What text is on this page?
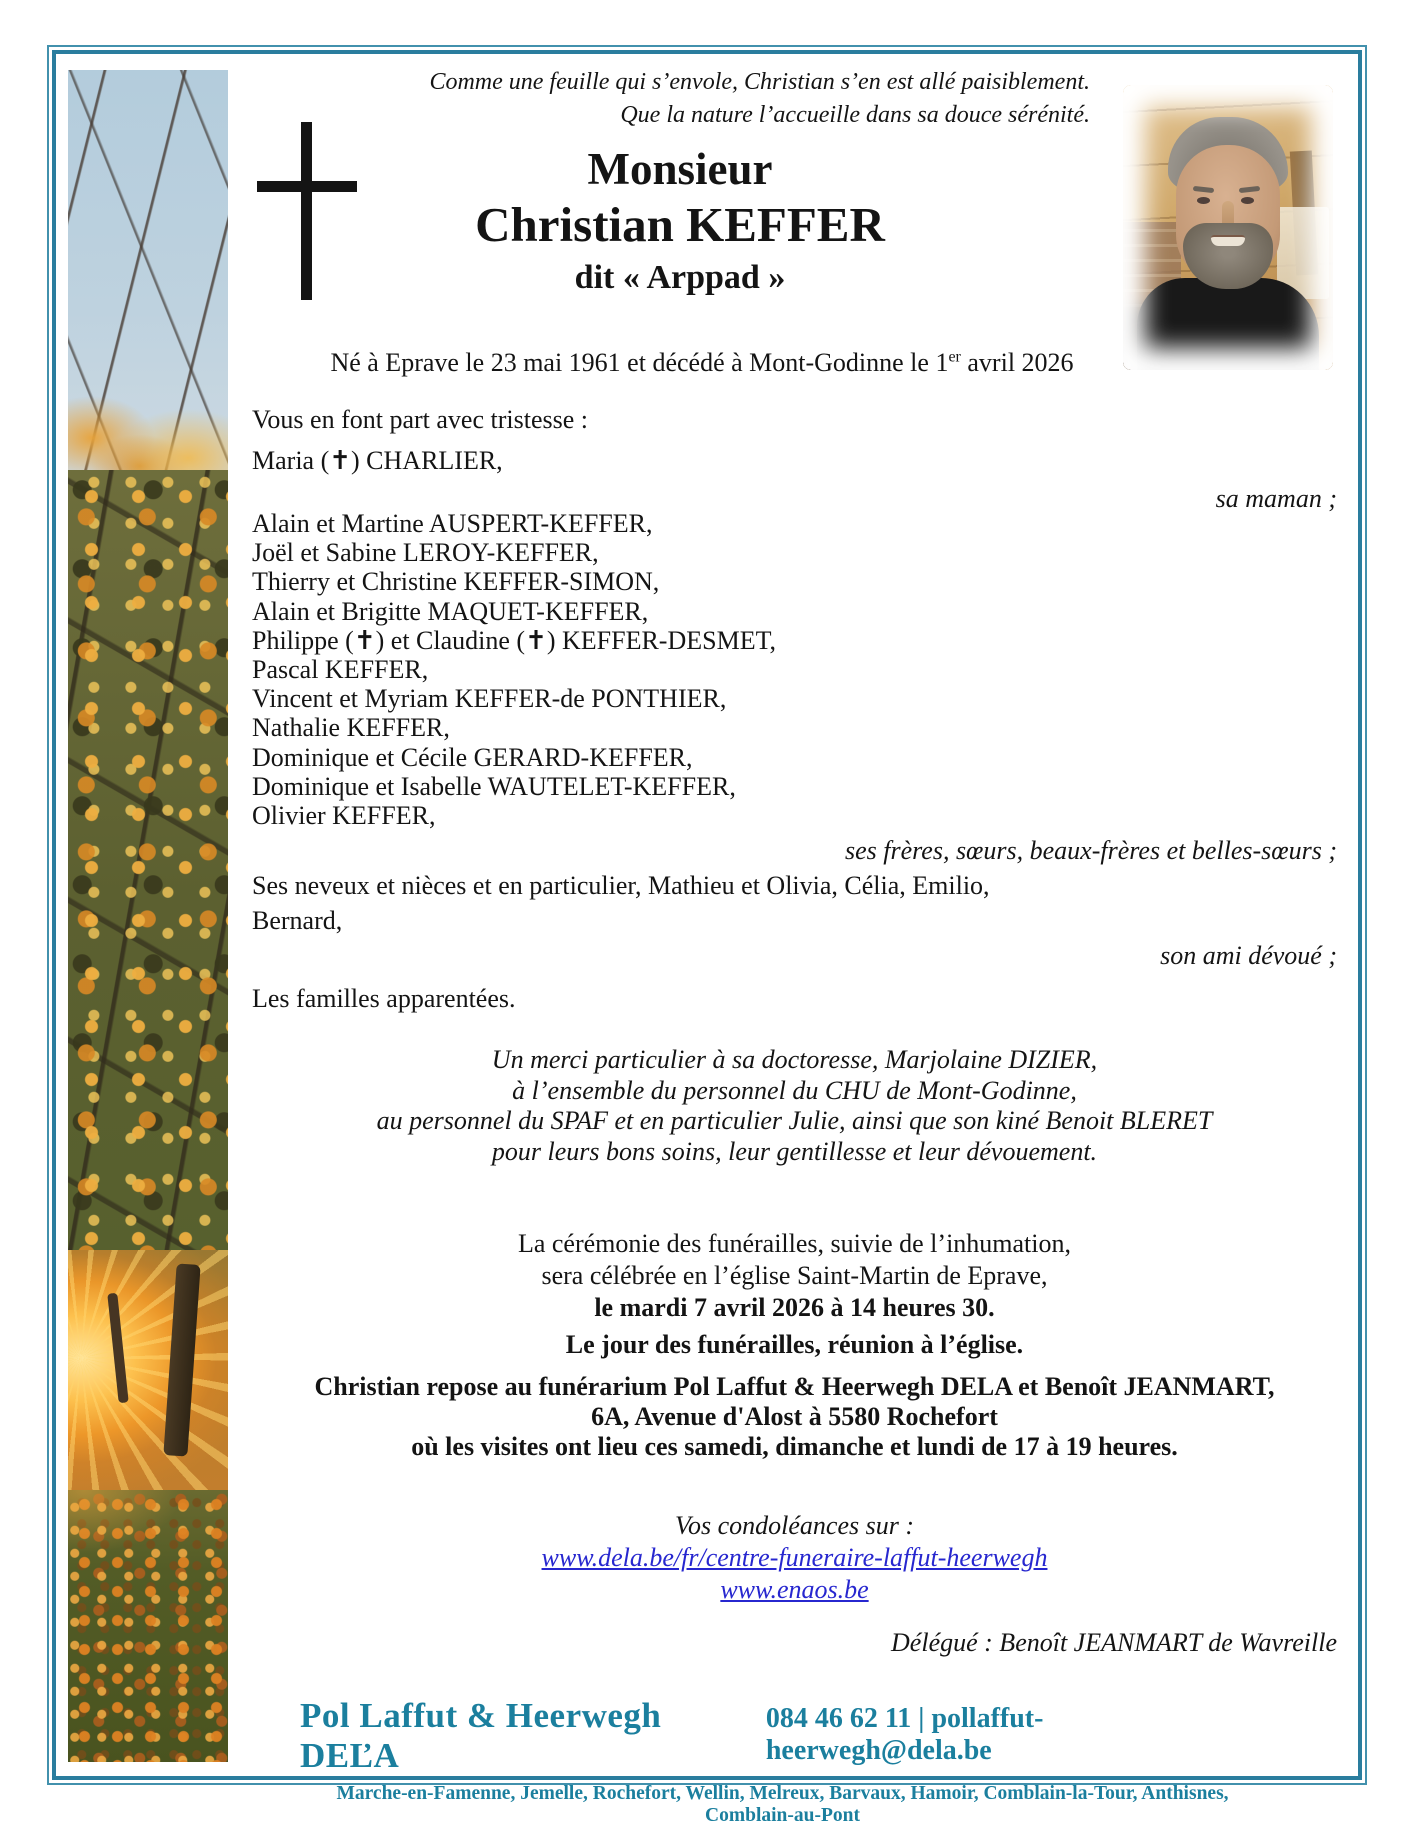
Comme une feuille qui s’envole, Christian s’en est allé paisiblement.
Que la nature l’accueille dans sa douce sérénité.
Monsieur
Christian KEFFER
dit « Arppad »
Né à Eprave le 23 mai 1961 et décédé à Mont-Godinne le 1er avril 2026
Vous en font part avec tristesse :
Maria (✝) CHARLIER,
sa maman ;
Alain et Martine AUSPERT-KEFFER,
Joël et Sabine LEROY-KEFFER,
Thierry et Christine KEFFER-SIMON,
Alain et Brigitte MAQUET-KEFFER,
Philippe (✝) et Claudine (✝) KEFFER-DESMET,
Pascal KEFFER,
Vincent et Myriam KEFFER-de PONTHIER,
Nathalie KEFFER,
Dominique et Cécile GERARD-KEFFER,
Dominique et Isabelle WAUTELET-KEFFER,
Olivier KEFFER,
ses frères, sœurs, beaux-frères et belles-sœurs ;
Ses neveux et nièces et en particulier, Mathieu et Olivia, Célia, Emilio,
Bernard,
son ami dévoué ;
Les familles apparentées.
Un merci particulier à sa doctoresse, Marjolaine DIZIER,
à l’ensemble du personnel du CHU de Mont-Godinne,
au personnel du SPAF et en particulier Julie, ainsi que son kiné Benoit BLERET
pour leurs bons soins, leur gentillesse et leur dévouement.
La cérémonie des funérailles, suivie de l’inhumation,
sera célébrée en l’église Saint-Martin de Eprave,
le mardi 7 avril 2026 à 14 heures 30.
Le jour des funérailles, réunion à l’église.
Christian repose au funérarium Pol Laffut & Heerwegh DELA et Benoît JEANMART,
6A, Avenue d'Alost à 5580 Rochefort
où les visites ont lieu ces samedi, dimanche et lundi de 17 à 19 heures.
Vos condoléances sur :
www.dela.be/fr/centre-funeraire-laffut-heerwegh
www.enaos.be
Délégué : Benoît JEANMART de Wavreille
Pol Laffut & Heerwegh DEĽA
084 46 62 11 | pollaffut-heerwegh@dela.be
Marche-en-Famenne, Jemelle, Rochefort, Wellin, Melreux, Barvaux, Hamoir, Comblain-la-Tour, Anthisnes, Comblain-au-Pont
